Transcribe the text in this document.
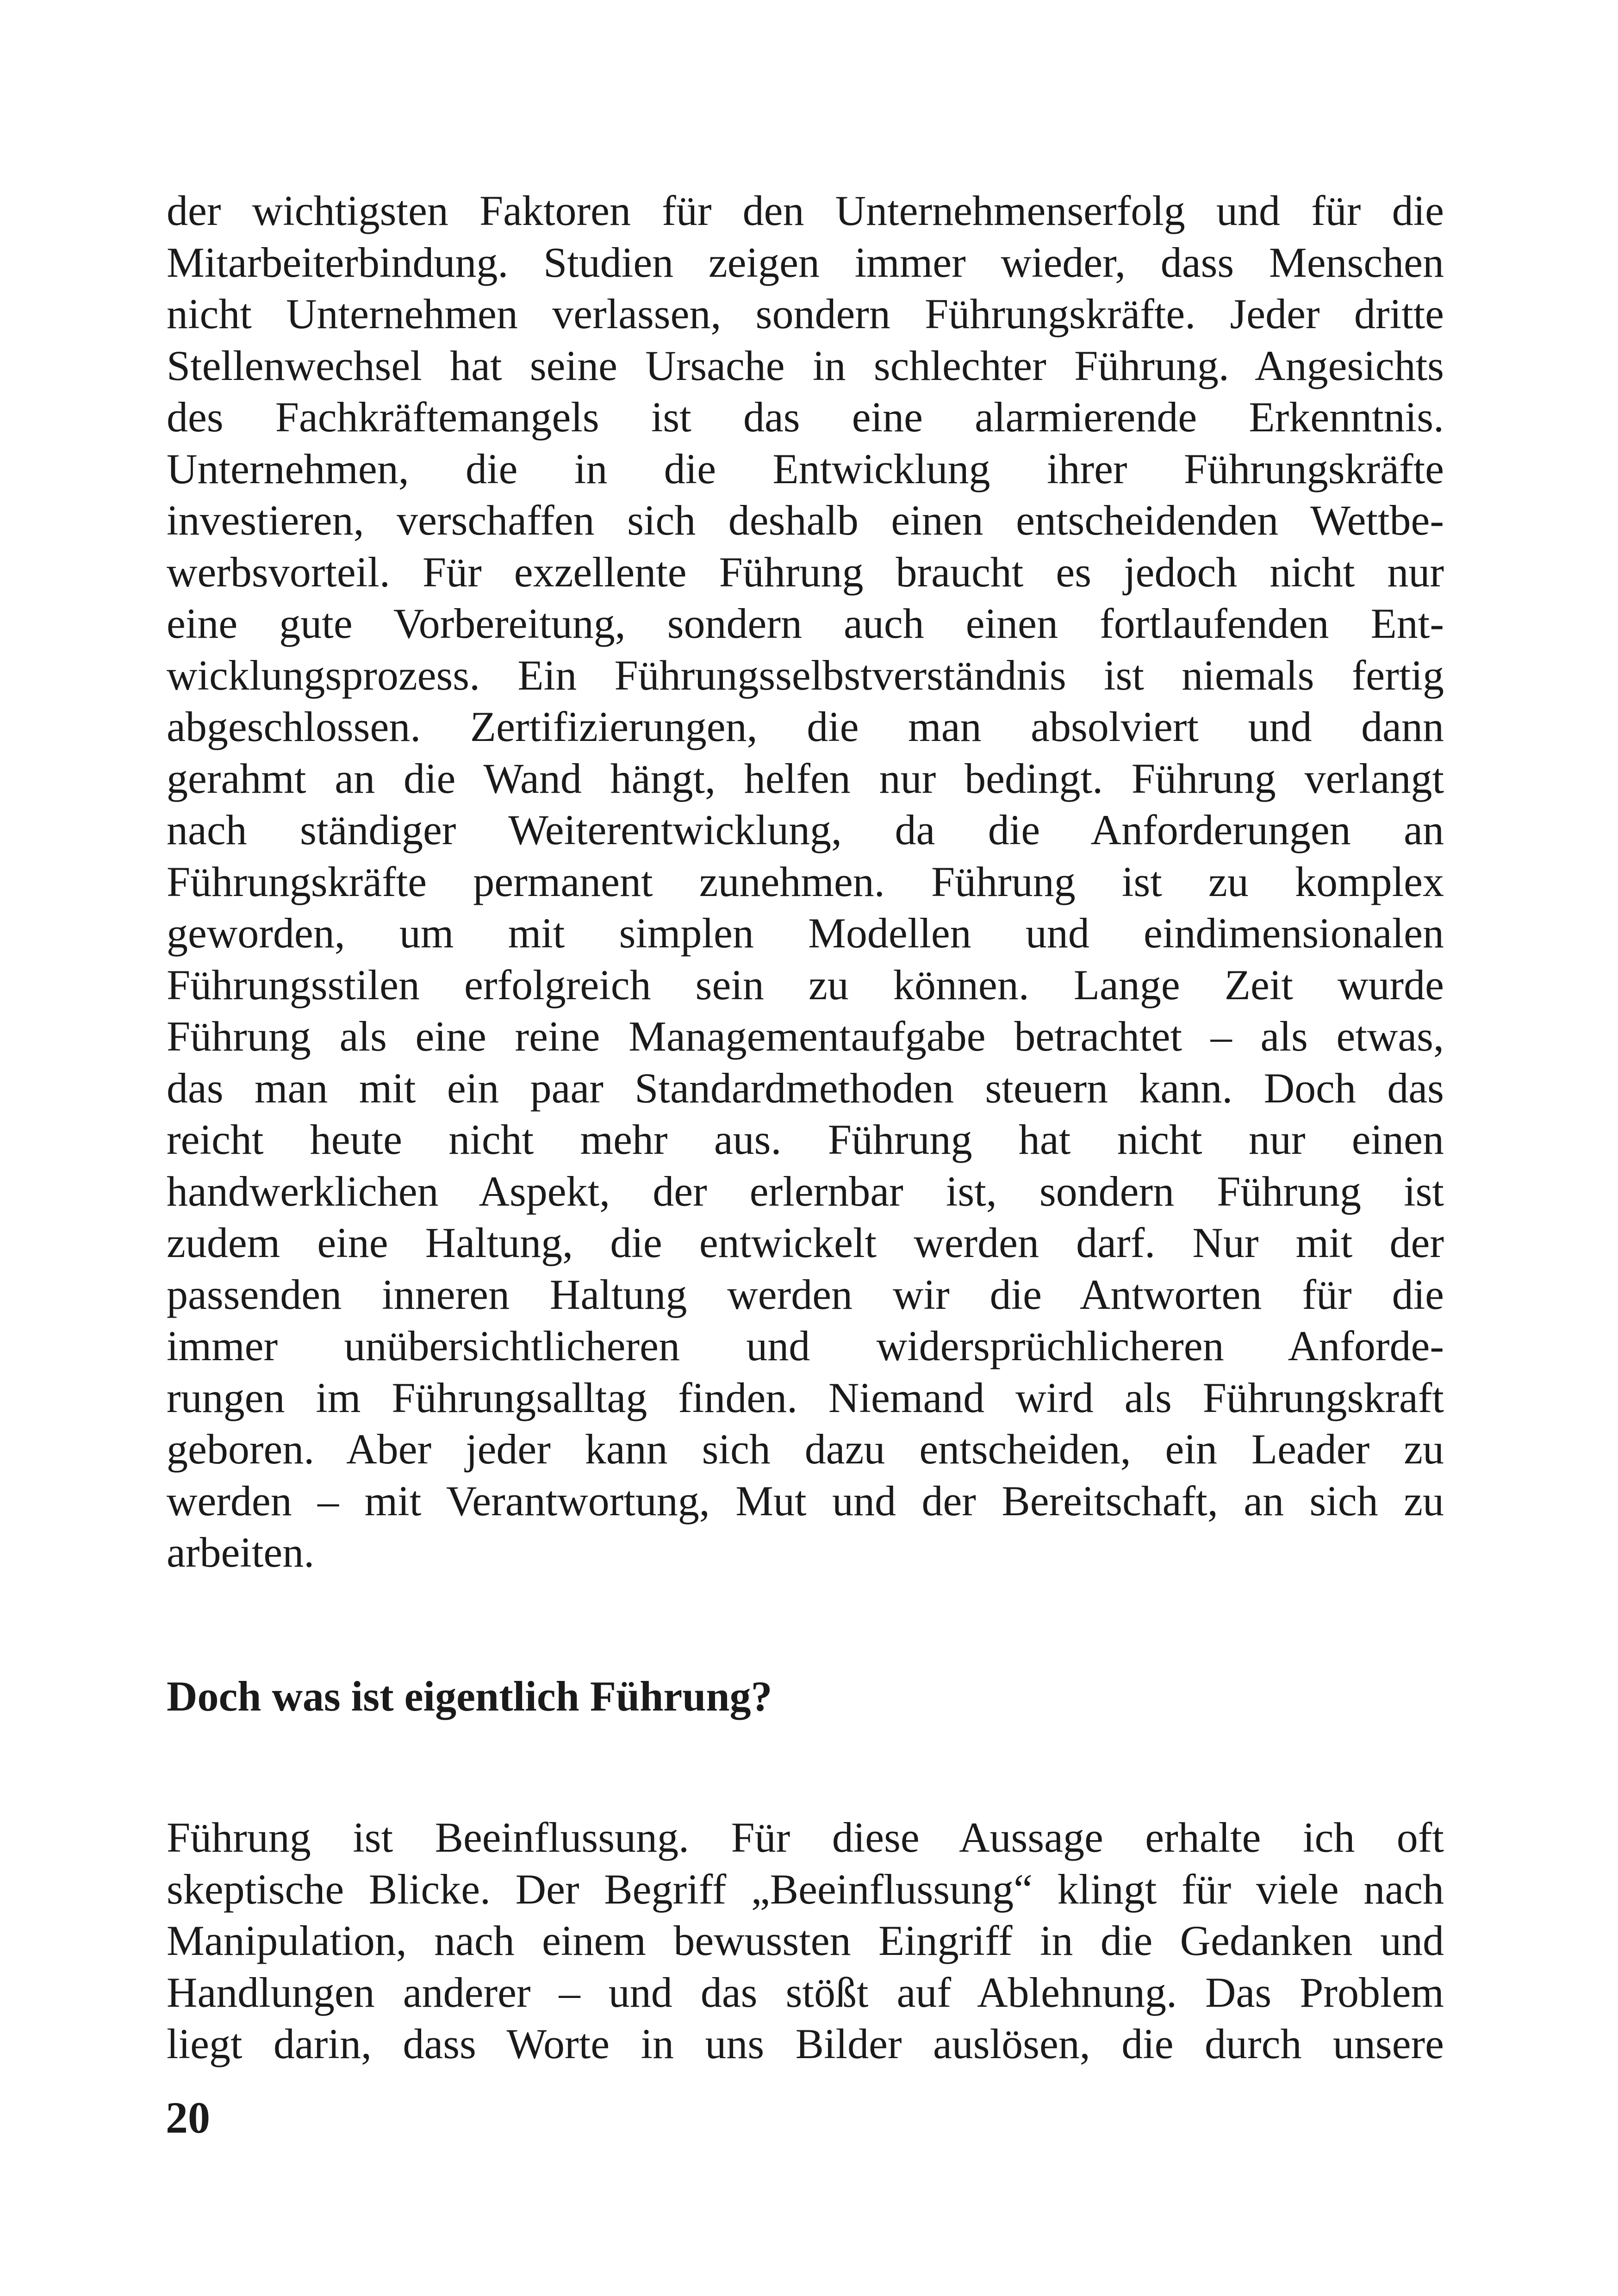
der wichtigsten Faktoren für den Unternehmenserfolg und für die
Mitarbeiterbindung. Studien zeigen immer wieder, dass Menschen
nicht Unternehmen verlassen, sondern Führungskräfte. Jeder dritte
Stellenwechsel hat seine Ursache in schlechter Führung. Angesichts
des Fachkräftemangels ist das eine alarmierende Erkenntnis.
Unternehmen, die in die Entwicklung ihrer Führungskräfte
investieren, verschaffen sich deshalb einen entscheidenden Wettbe-
werbsvorteil. Für exzellente Führung braucht es jedoch nicht nur
eine gute Vorbereitung, sondern auch einen fortlaufenden Ent-
wicklungsprozess. Ein Führungsselbstverständnis ist niemals fertig
abgeschlossen. Zertifizierungen, die man absolviert und dann
gerahmt an die Wand hängt, helfen nur bedingt. Führung verlangt
nach ständiger Weiterentwicklung, da die Anforderungen an
Führungskräfte permanent zunehmen. Führung ist zu komplex
geworden, um mit simplen Modellen und eindimensionalen
Führungsstilen erfolgreich sein zu können. Lange Zeit wurde
Führung als eine reine Managementaufgabe betrachtet – als etwas,
das man mit ein paar Standardmethoden steuern kann. Doch das
reicht heute nicht mehr aus. Führung hat nicht nur einen
handwerklichen Aspekt, der erlernbar ist, sondern Führung ist
zudem eine Haltung, die entwickelt werden darf. Nur mit der
passenden inneren Haltung werden wir die Antworten für die
immer unübersichtlicheren und widersprüchlicheren Anforde-
rungen im Führungsalltag finden. Niemand wird als Führungskraft
geboren. Aber jeder kann sich dazu entscheiden, ein Leader zu
werden – mit Verantwortung, Mut und der Bereitschaft, an sich zu
arbeiten.

Doch was ist eigentlich Führung?

Führung ist Beeinflussung. Für diese Aussage erhalte ich oft
skeptische Blicke. Der Begriff „Beeinflussung“ klingt für viele nach
Manipulation, nach einem bewussten Eingriff in die Gedanken und
Handlungen anderer – und das stößt auf Ablehnung. Das Problem
liegt darin, dass Worte in uns Bilder auslösen, die durch unsere

20
